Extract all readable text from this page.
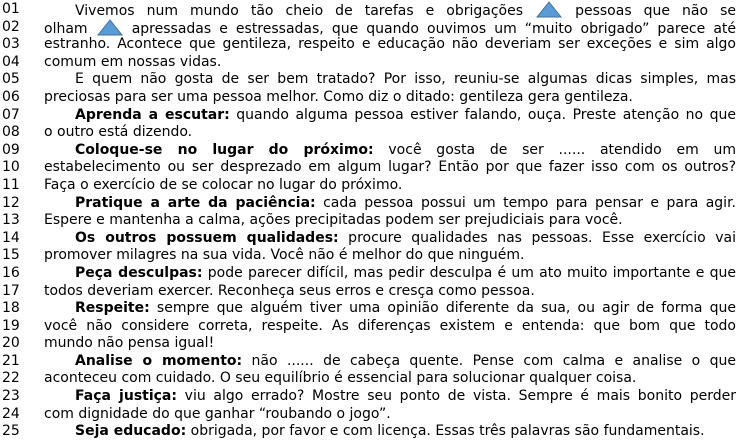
01	Vivemos num mundo tão cheio de tarefas e obrigações  pessoas que não se
02	olham  apressadas e estressadas, que quando ouvimos um “muito obrigado” parece até
03	estranho. Acontece que gentileza, respeito e educação não deveriam ser exceções e sim algo
04	comum em nossas vidas.
05	E quem não gosta de ser bem tratado? Por isso, reuniu-se algumas dicas simples, mas
06	preciosas para ser uma pessoa melhor. Como diz o ditado: gentileza gera gentileza.
07	Aprenda a escutar: quando alguma pessoa estiver falando, ouça. Preste atenção no que
08	o outro está dizendo.
09	Coloque-se no lugar do próximo: você gosta de ser ...... atendido em um
10	estabelecimento ou ser desprezado em algum lugar? Então por que fazer isso com os outros?
11	Faça o exercício de se colocar no lugar do próximo.
12	Pratique a arte da paciência: cada pessoa possui um tempo para pensar e para agir.
13	Espere e mantenha a calma, ações precipitadas podem ser prejudiciais para você.
14	Os outros possuem qualidades: procure qualidades nas pessoas. Esse exercício vai
15	promover milagres na sua vida. Você não é melhor do que ninguém.
16	Peça desculpas: pode parecer difícil, mas pedir desculpa é um ato muito importante e que
17	todos deveriam exercer. Reconheça seus erros e cresça como pessoa.
18	Respeite: sempre que alguém tiver uma opinião diferente da sua, ou agir de forma que
19	você não considere correta, respeite. As diferenças existem e entenda: que bom que todo
20	mundo não pensa igual!
21	Analise o momento: não ...... de cabeça quente. Pense com calma e analise o que
22	aconteceu com cuidado. O seu equilíbrio é essencial para solucionar qualquer coisa.
23	Faça justiça: viu algo errado? Mostre seu ponto de vista. Sempre é mais bonito perder
24	com dignidade do que ganhar “roubando o jogo”.
25	Seja educado: obrigada, por favor e com licença. Essas três palavras são fundamentais.
